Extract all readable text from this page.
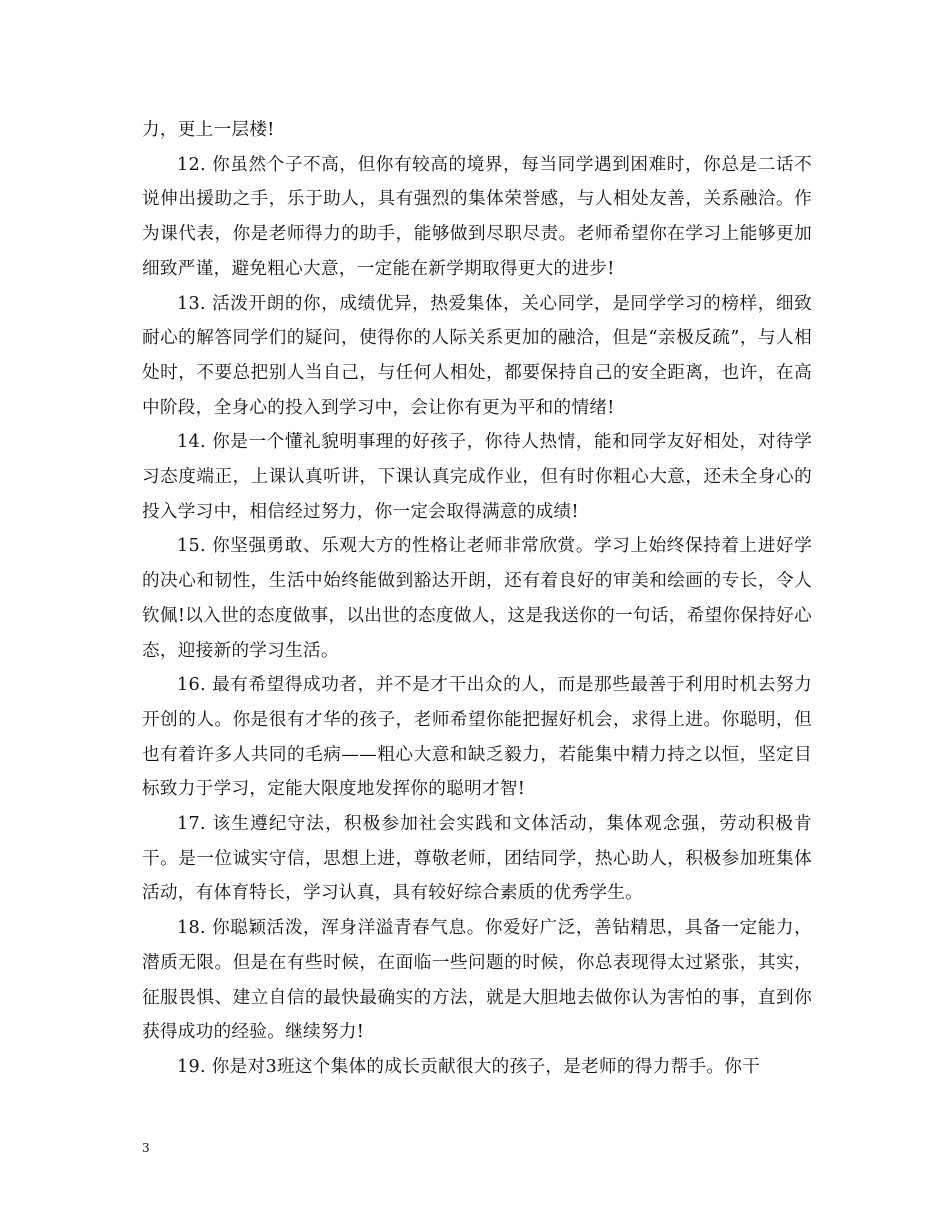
力，更上一层楼!

12. 你虽然个子不高，但你有较高的境界，每当同学遇到困难时，你总是二话不说伸出援助之手，乐于助人，具有强烈的集体荣誉感，与人相处友善，关系融洽。作为课代表，你是老师得力的助手，能够做到尽职尽责。老师希望你在学习上能够更加细致严谨，避免粗心大意，一定能在新学期取得更大的进步!

13. 活泼开朗的你，成绩优异，热爱集体，关心同学，是同学学习的榜样，细致耐心的解答同学们的疑问，使得你的人际关系更加的融洽，但是“亲极反疏”，与人相处时，不要总把别人当自己，与任何人相处，都要保持自己的安全距离，也许，在高中阶段，全身心的投入到学习中，会让你有更为平和的情绪!

14. 你是一个懂礼貌明事理的好孩子，你待人热情，能和同学友好相处，对待学习态度端正，上课认真听讲，下课认真完成作业，但有时你粗心大意，还未全身心的投入学习中，相信经过努力，你一定会取得满意的成绩!

15. 你坚强勇敢、乐观大方的性格让老师非常欣赏。学习上始终保持着上进好学的决心和韧性，生活中始终能做到豁达开朗，还有着良好的审美和绘画的专长，令人钦佩!以入世的态度做事，以出世的态度做人，这是我送你的一句话，希望你保持好心态，迎接新的学习生活。

16. 最有希望得成功者，并不是才干出众的人，而是那些最善于利用时机去努力开创的人。你是很有才华的孩子，老师希望你能把握好机会，求得上进。你聪明，但也有着许多人共同的毛病——粗心大意和缺乏毅力，若能集中精力持之以恒，坚定目标致力于学习，定能大限度地发挥你的聪明才智!

17. 该生遵纪守法，积极参加社会实践和文体活动，集体观念强，劳动积极肯干。是一位诚实守信，思想上进，尊敬老师，团结同学，热心助人，积极参加班集体活动，有体育特长，学习认真，具有较好综合素质的优秀学生。

18. 你聪颖活泼，浑身洋溢青春气息。你爱好广泛，善钻精思，具备一定能力，潜质无限。但是在有些时候，在面临一些问题的时候，你总表现得太过紧张，其实，征服畏惧、建立自信的最快最确实的方法，就是大胆地去做你认为害怕的事，直到你获得成功的经验。继续努力!

19. 你是对3班这个集体的成长贡献很大的孩子，是老师的得力帮手。你干

3
